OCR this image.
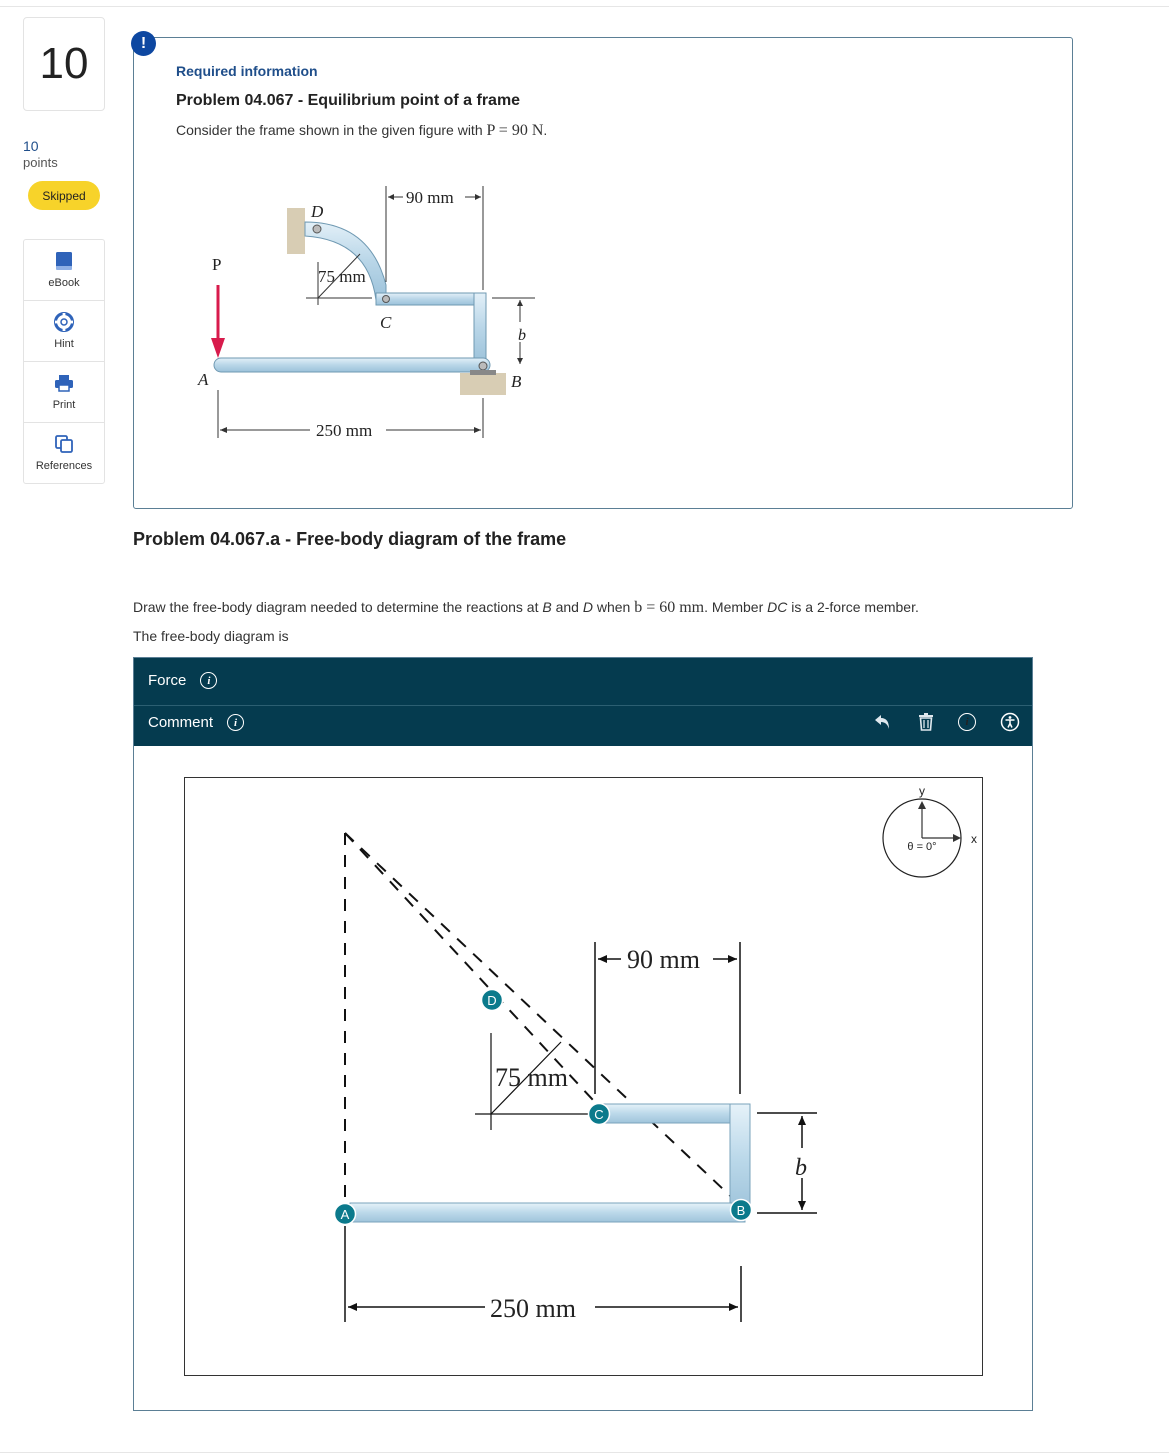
10
10
points
Skipped
eBook
Hint
Print
References
!
Required information
Problem 04.067 - Equilibrium point of a frame
Consider the frame shown in the given figure with P = 90 N.
P
A	B
C
D
b
90 mm
75 mm
250 mm
Problem 04.067.a - Free-body diagram of the frame
Draw the free-body diagram needed to determine the reactions at B and D when b = 60 mm. Member DC is a 2-force member.
The free-body diagram is
Force	i
Comment	i	i
90 mm
75 mm
250 mm
b
D
C
A	B
y
x
θ = 0°
